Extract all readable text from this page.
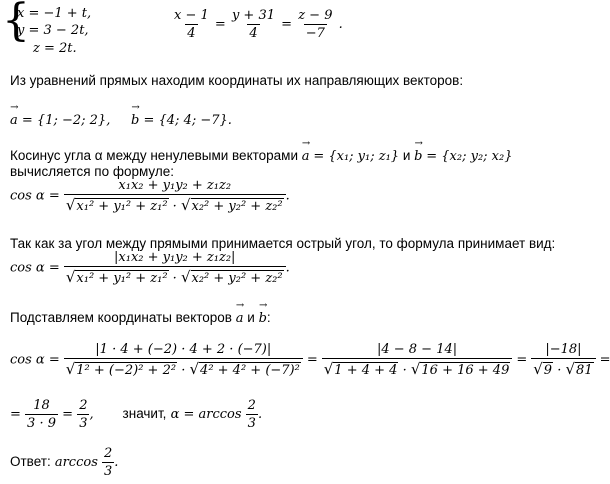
{
x = −1 + t,
y = 3 − 2t,
z = 2t.
$\frac{x - 1}{4} = \frac{y + 31}{4} = \frac{z - 9}{-7}$ .
Из уравнений прямых находим координаты их направляющих векторов:
→ a = {1; −2; 2}, → b = {4; 4; −7}.
Косинус угла α между ненулевыми векторами → a = {x₁; y₁; z₁} и → b = {x₂; y₂; x₂}
вычисляется по формуле:
$\cos \alpha = \frac{\text{x₁x₂ + y₁y₂ + z₁z₂}}{\text{√x₁² + y₁² + z₁² · √x₂² + y₂² + z₂²}}$ .
Так как за угол между прямыми принимается острый угол, то формула принимает вид:
$\cos \alpha = \frac{\text{|x₁x₂ + y₁y₂ + z₁z₂|}}{\text{√x₁² + y₁² + z₁² · √x₂² + y₂² + z₂²}}$ .
Подставляем координаты векторов → a и → b:
$\cos \alpha = \frac{|1 \cdot 4 + (-2) \cdot 4 + 2 \cdot (-7)|}{\text{√1² + (−2)² + 2² · √4² + 4² + (−7)²}} = \frac{|4 - 8 - 14|}{√1 + 4 + 4 \cdot √16 + 16 + 49} = \frac{|-18|}{√9 \cdot √81}$ =
= $\frac{18}{3 \cdot 9} = \frac{2}{3}$ , значит, $\alpha = \arccos \frac{2}{3}$ .
Ответ: $\arccos \frac{2}{3}$ .
